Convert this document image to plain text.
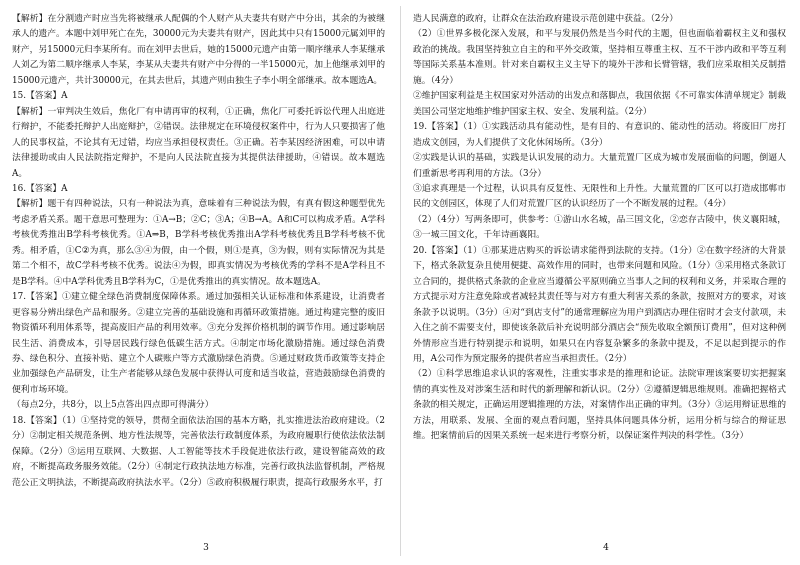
【解析】在分割遗产时应当先将被继承人配偶的个人财产从夫妻共有财产中分出，其余的为被继承人的遗产。本题中刘甲死亡在先，30000元为夫妻共有财产，因此其中只有15000元属刘甲的财产，另15000元归李某所有。而在刘甲去世后，她的15000元遗产由第一顺序继承人李某继承人刘乙为第二顺序继承人李某，李某从夫妻共有财产中分得的一半15000元，加上他继承刘甲的15000元遗产，共计30000元，在其去世后，其遗产则由独生子李小明全部继承。故本题选A。

15.【答案】A

【解析】一审判决生效后，焦化厂有申请再审的权利，①正确，焦化厂可委托诉讼代理人出庭进行辩护，不能委托辩护人出庭辩护，②错误。法律规定在环境侵权案件中，行为人只要损害了他人的民事权益，不论其有无过错，均应当承担侵权责任。③正确。若李某因经济困难，可以申请法律援助或由人民法院指定辩护，不是向人民法院直接为其提供法律援助，④错误。故本题选A。

16.【答案】A

【解析】题干有四种说法，只有一种说法为真，意味着有三种说法为假，有真有假这种题型优先考虑矛盾关系。题干意思可整理为：①A→B；②C；③A；④B→A。A和C可以构成矛盾。A学科考核优秀推出B学科考核优秀。①A⇒B，B学科考核优秀推出A学科考核优秀且B学科考核不优秀。相矛盾，①C②为真，那么③④为假，由一个假，则①是真，③为假，则有实际情况为其是第二个相不，故C学科考核不优秀。说法④为假，即真实情况为考核优秀的学科不是A学科且不是B学科。④中A学科优秀且B学科为C，①是优秀推出的真实情况。故本题选A。

17.【答案】①建立健全绿色消费制度保障体系。通过加强相关认证标准和体系建设，让消费者更容易分辨出绿色产品和服务。②建立完善的基础设施和再循环政策措施。通过构建完整的废旧物资循环利用体系等，提高废旧产品的利用效率。③充分发挥价格机制的调节作用。通过影响居民生活、消费成本，引导居民践行绿色低碳生活方式。④制定市场化激励措施。通过绿色消费券、绿色积分、直接补贴、建立个人碳账户等方式激励绿色消费。⑤通过财政货币政策等支持企业加强绿色产品研发，让生产者能够从绿色发展中获得认可度和适当收益，营造鼓励绿色消费的便利市场环境。

（每点2分，共8分，以上5点答出四点即可得满分）

18.【答案】（1）①坚持党的领导，贯彻全面依法治国的基本方略，扎实推进法治政府建设。（2分）②制定相关规范条例、地方性法规等，完善依法行政制度体系，为政府履职行使依法依法制保障。（2分）③运用互联网、大数据、人工智能等技术手段促进依法行政，建设智能高效的政府，不断提高政务服务效能。（2分）④制定行政执法地方标准，完善行政执法监督机制，严格规范公正文明执法，不断提高政府执法水平。（2分）⑤政府积极履行职责，提高行政服务水平，打

造人民满意的政府，让群众在法治政府建设示范创建中获益。（2分）

（2）①世界多极化深入发展，和平与发展仍然是当今时代的主题，但也面临着霸权主义和强权政治的挑战。我国坚持独立自主的和平外交政策，坚持相互尊重主权、互不干涉内政和平等互利等国际关系基本准则。针对来自霸权主义主导下的境外干涉和长臂管辖，我们应采取相关反制措施。（4分）

②维护国家利益是主权国家对外活动的出发点和落脚点，我国依据《不可靠实体清单规定》制裁美国公司坚定地维护维护国家主权、安全、发展利益。（2分）

19.【答案】（1）①实践活动具有能动性，是有目的、有意识的、能动性的活动。将废旧厂房打造成文创园，为人们提供了文化休闲场所。（3分）

②实践是认识的基础，实践是认识发展的动力。大量荒置厂区成为城市发展面临的问题，倒逼人们重新思考再利用的方法。（3分）

③追求真理是一个过程，认识具有反复性、无限性和上升性。大量荒置的厂区可以打造成邯郸市民的文创园区，体现了人们对荒置厂区的认识经历了一个不断发展的过程。（4分）

（2）（4分）写两条即可，供参考：①游山水名城，品三国文化，②恋存古陵中，侠义襄阳城，③一城三国文化，千年诗画襄阳。

20.【答案】（1）①那某进店购买的诉讼请求能得到法院的支持。（1分）②在数字经济的大背景下，格式条款复杂且使用便捷、高效作用的同时，也带来问题和风险。（1分）③采用格式条款订立合同的，提供格式条款的企业应当遵循公平原则确立当事人之间的权利和义务，并采取合理的方式提示对方注意免除或者减轻其责任等与对方有重大利害关系的条款，按照对方的要求，对该条款予以说明。（3分）④对“到店支付”的通常理解应为用户到酒店办理住宿时才会支付款项，未入住之前不需要支付，即使该条款后补充说明部分酒店会“预先收取全额预订费用”，但对这种例外情形应当进行特别提示和说明，如果只在内容复杂繁多的条款中提及，不足以起到提示的作用，A公司作为预定服务的提供者应当承担责任。（2分）

（2）①科学思维追求认识的客观性，注重实事求是的推理和论证。法院审理该案要切实把握案情的真实性及对涉案生活和时代的新理解和新认识。（2分）②遵循逻辑思维规则。准确把握格式条款的相关规定，正确运用逻辑推理的方法，对案情作出正确的审判。（3分）③运用辩证思维的方法，用联系、发展、全面的观点看问题，坚持具体问题具体分析，运用分析与综合的辩证思维。把案情前后的因果关系统一起来进行考察分析，以保证案件判决的科学性。（3分）

3	4
